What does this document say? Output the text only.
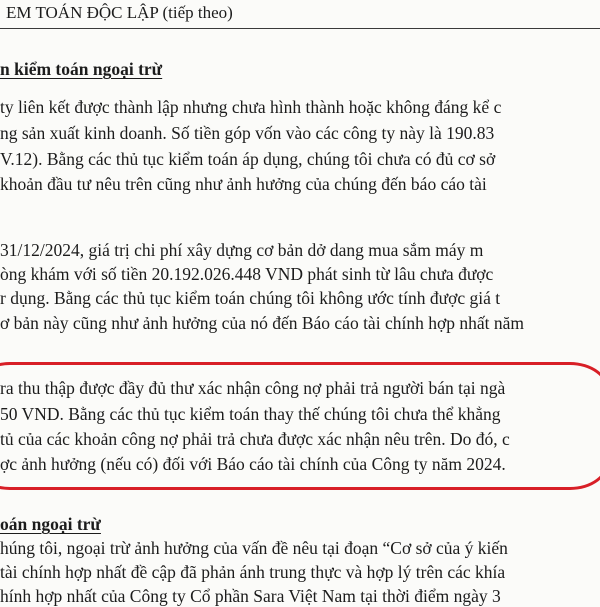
EM TOÁN ĐỘC LẬP (tiếp theo)
n kiểm toán ngoại trừ
ty liên kết được thành lập nhưng chưa hình thành hoặc không đáng kể c
ng sản xuất kinh doanh. Số tiền góp vốn vào các công ty này là 190.83
V.12). Bằng các thủ tục kiểm toán áp dụng, chúng tôi chưa có đủ cơ sở
khoản đầu tư nêu trên cũng như ảnh hưởng của chúng đến báo cáo tài
31/12/2024, giá trị chi phí xây dựng cơ bản dở dang mua sắm máy m
òng khám với số tiền 20.192.026.448 VND phát sinh từ lâu chưa được
r dụng. Bằng các thủ tục kiểm toán chúng tôi không ước tính được giá t
ơ bản này cũng như ảnh hưởng của nó đến Báo cáo tài chính hợp nhất năm
ra thu thập được đầy đủ thư xác nhận công nợ phải trả người bán tại ngà
50 VND. Bằng các thủ tục kiểm toán thay thế chúng tôi chưa thể khẳng
tủ của các khoản công nợ phải trả chưa được xác nhận nêu trên. Do đó, c
ợc ảnh hưởng (nếu có) đối với Báo cáo tài chính của Công ty năm 2024.
oán ngoại trừ
húng tôi, ngoại trừ ảnh hưởng của vấn đề nêu tại đoạn “Cơ sở của ý kiến
tài chính hợp nhất đề cập đã phản ánh trung thực và hợp lý trên các khía
hính hợp nhất của Công ty Cổ phần Sara Việt Nam tại thời điểm ngày 3
